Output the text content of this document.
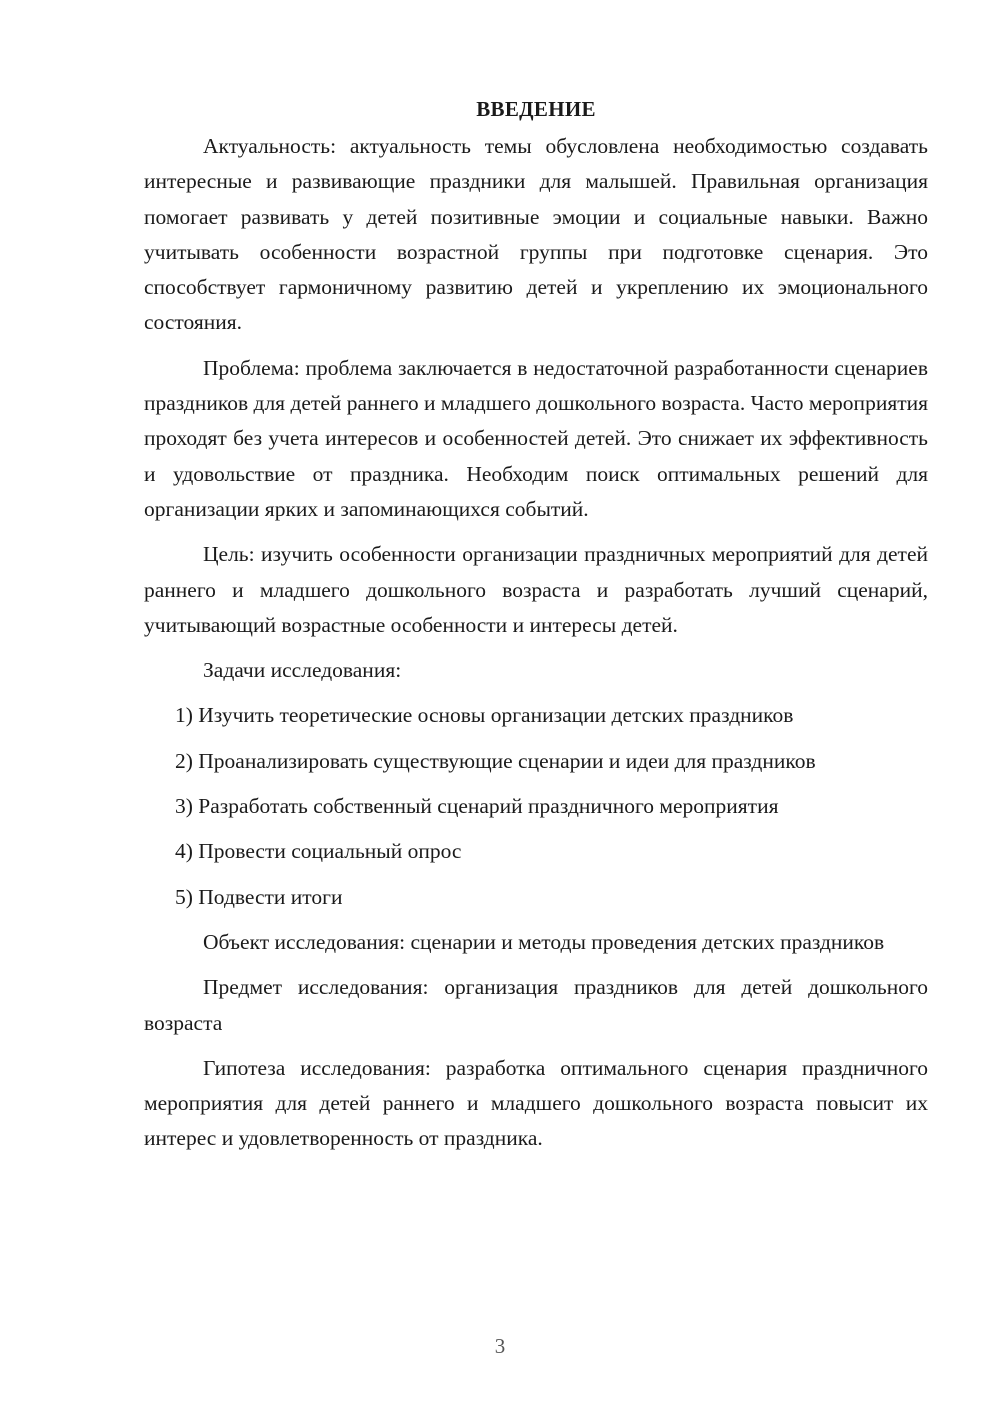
ВВЕДЕНИЕ

Актуальность: актуальность темы обусловлена необходимостью создавать интересные и развивающие праздники для малышей. Правильная организация помогает развивать у детей позитивные эмоции и социальные навыки. Важно учитывать особенности возрастной группы при подготовке сценария. Это способствует гармоничному развитию детей и укреплению их эмоционального состояния.

Проблема: проблема заключается в недостаточной разработанности сценариев праздников для детей раннего и младшего дошкольного возраста. Часто мероприятия проходят без учета интересов и особенностей детей. Это снижает их эффективность и удовольствие от праздника. Необходим поиск оптимальных решений для организации ярких и запоминающихся событий.

Цель: изучить особенности организации праздничных мероприятий для детей раннего и младшего дошкольного возраста и разработать лучший сценарий, учитывающий возрастные особенности и интересы детей.

Задачи исследования:

1) Изучить теоретические основы организации детских праздников

2) Проанализировать существующие сценарии и идеи для праздников

3) Разработать собственный сценарий праздничного мероприятия

4) Провести социальный опрос

5) Подвести итоги

Объект исследования: сценарии и методы проведения детских праздников

Предмет исследования: организация праздников для детей дошкольного возраста

Гипотеза исследования: разработка оптимального сценария праздничного мероприятия для детей раннего и младшего дошкольного возраста повысит их интерес и удовлетворенность от праздника.

3
